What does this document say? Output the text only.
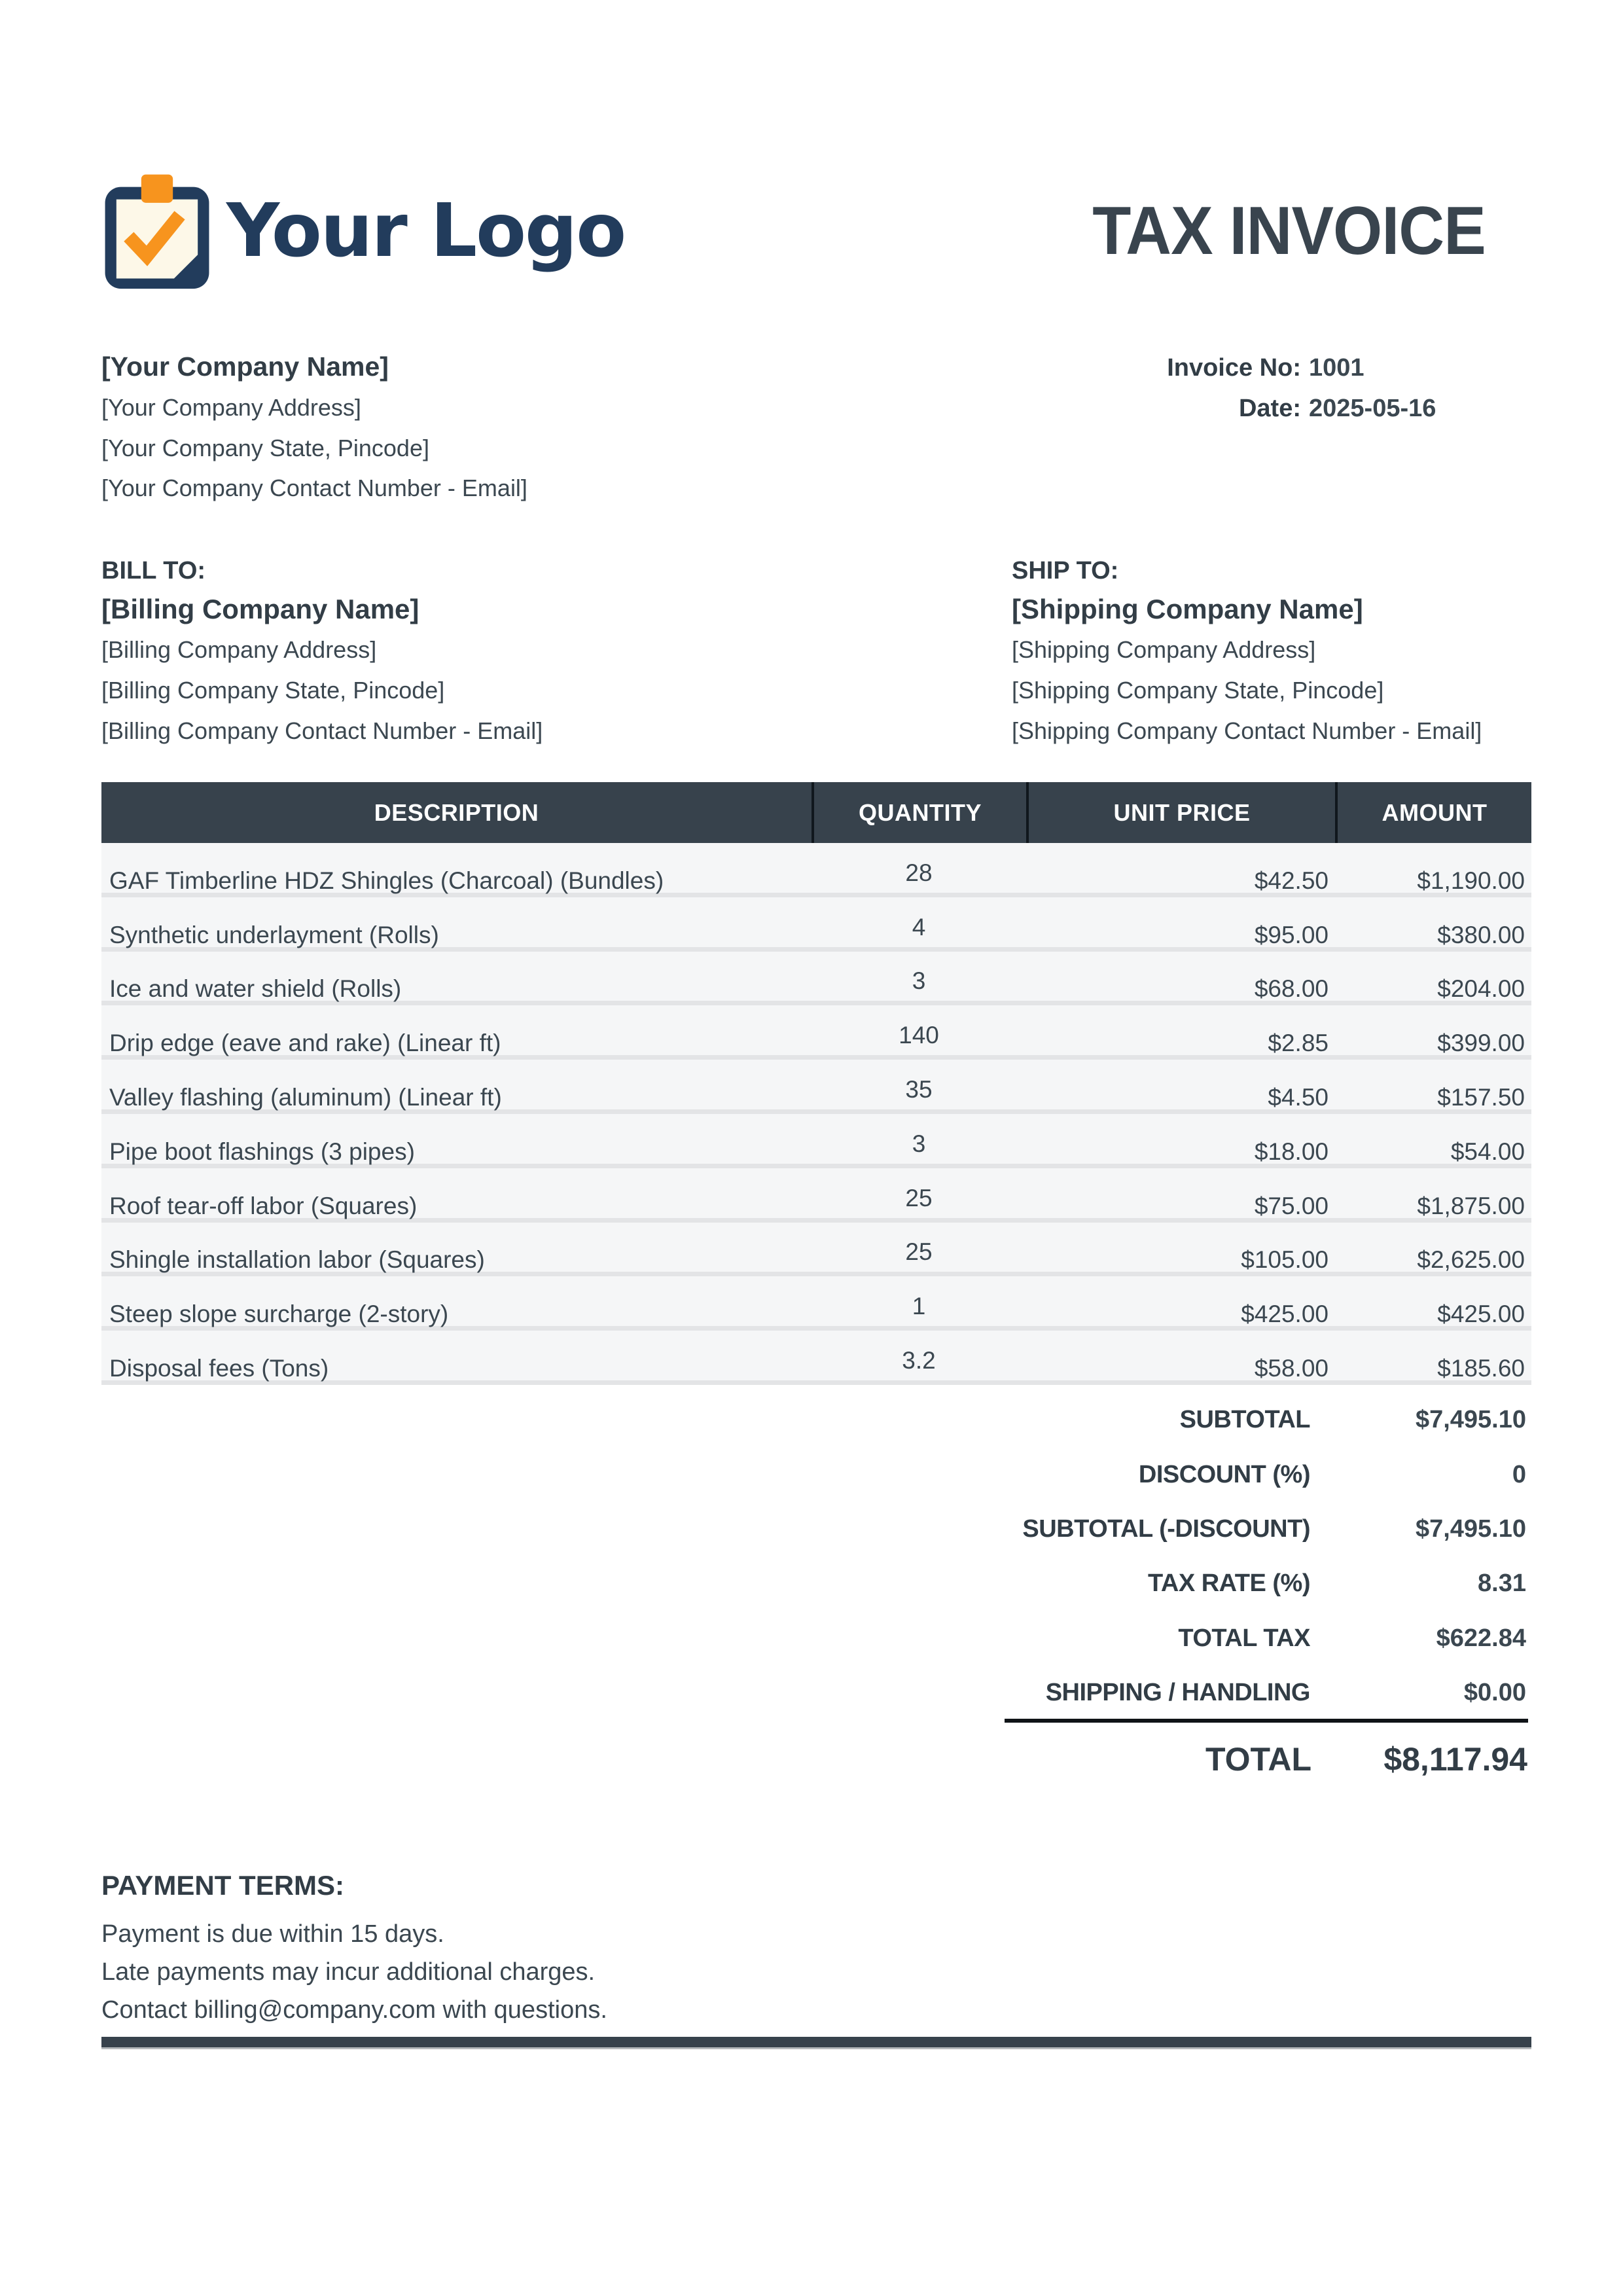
Your Logo	TAX INVOICE

[Your Company Name]

[Your Company Address]

[Your Company State, Pincode]

[Your Company Contact Number - Email]

Invoice No: 1001
Date: 2025-05-16

BILL TO:

[Billing Company Name]

[Billing Company Address]

[Billing Company State, Pincode]

[Billing Company Contact Number - Email]

SHIP TO:

[Shipping Company Name]

[Shipping Company Address]

[Shipping Company State, Pincode]

[Shipping Company Contact Number - Email]

DESCRIPTION	QUANTITY	UNIT PRICE	AMOUNT
GAF Timberline HDZ Shingles (Charcoal) (Bundles)	28	$42.50	$1,190.00
Synthetic underlayment (Rolls)	4	$95.00	$380.00
Ice and water shield (Rolls)	3	$68.00	$204.00
Drip edge (eave and rake) (Linear ft)	140	$2.85	$399.00
Valley flashing (aluminum) (Linear ft)	35	$4.50	$157.50
Pipe boot flashings (3 pipes)	3	$18.00	$54.00
Roof tear-off labor (Squares)	25	$75.00	$1,875.00
Shingle installation labor (Squares)	25	$105.00	$2,625.00
Steep slope surcharge (2-story)	1	$425.00	$425.00
Disposal fees (Tons)	3.2	$58.00	$185.60
SUBTOTAL	$7,495.10
DISCOUNT (%)	0
SUBTOTAL (-DISCOUNT)	$7,495.10
TAX RATE (%)	8.31
TOTAL TAX	$622.84
SHIPPING / HANDLING	$0.00
TOTAL	$8,117.94

PAYMENT TERMS:

Payment is due within 15 days.

Late payments may incur additional charges.

Contact billing@company.com with questions.
